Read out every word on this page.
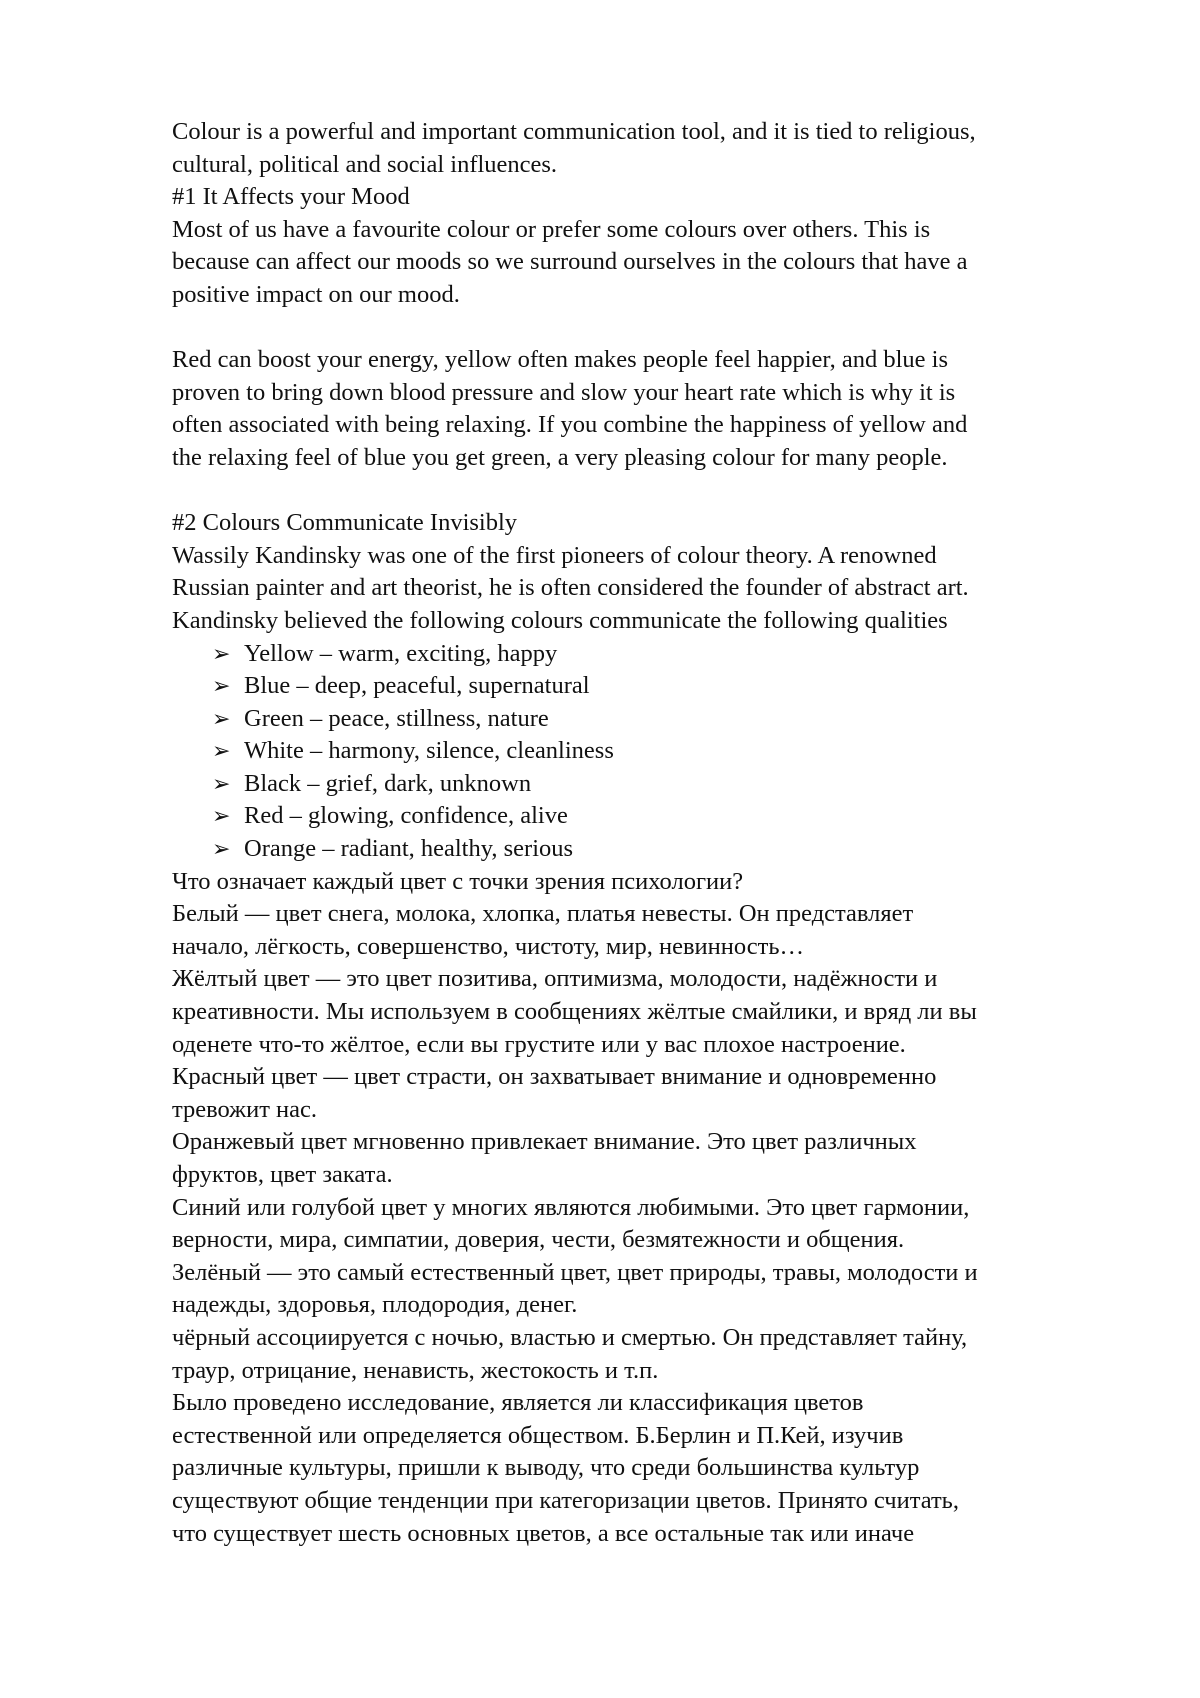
Colour is a powerful and important communication tool, and it is tied to religious,

cultural, political and social influences.

#1 It Affects your Mood

Most of us have a favourite colour or prefer some colours over others. This is

because can affect our moods so we surround ourselves in the colours that have a

positive impact on our mood.

Red can boost your energy, yellow often makes people feel happier, and blue is

proven to bring down blood pressure and slow your heart rate which is why it is

often associated with being relaxing. If you combine the happiness of yellow and

the relaxing feel of blue you get green, a very pleasing colour for many people.

#2 Colours Communicate Invisibly

Wassily Kandinsky was one of the first pioneers of colour theory. A renowned

Russian painter and art theorist, he is often considered the founder of abstract art.

Kandinsky believed the following colours communicate the following qualities

➢ Yellow – warm, exciting, happy
➢ Blue – deep, peaceful, supernatural
➢ Green – peace, stillness, nature
➢ White – harmony, silence, cleanliness
➢ Black – grief, dark, unknown
➢ Red – glowing, confidence, alive
➢ Orange – radiant, healthy, serious

Что означает каждый цвет с точки зрения психологии?

Белый — цвет снега, молока, хлопка, платья невесты. Он представляет

начало, лёгкость, совершенство, чистоту, мир, невинность…

Жёлтый цвет — это цвет позитива, оптимизма, молодости, надёжности и

креативности. Мы используем в сообщениях жёлтые смайлики, и вряд ли вы

оденете что-то жёлтое, если вы грустите или у вас плохое настроение.

Красный цвет — цвет страсти, он захватывает внимание и одновременно

тревожит нас.

Оранжевый цвет мгновенно привлекает внимание. Это цвет различных

фруктов, цвет заката.

Синий или голубой цвет у многих являются любимыми. Это цвет гармонии,

верности, мира, симпатии, доверия, чести, безмятежности и общения.

Зелёный — это самый естественный цвет, цвет природы, травы, молодости и

надежды, здоровья, плодородия, денег.

чёрный ассоциируется с ночью, властью и смертью. Он представляет тайну,

траур, отрицание, ненависть, жестокость и т.п.

Было проведено исследование, является ли классификация цветов

естественной или определяется обществом. Б.Берлин и П.Кей, изучив

различные культуры, пришли к выводу, что среди большинства культур

существуют общие тенденции при категоризации цветов. Принято считать,

что существует шесть основных цветов, а все остальные так или иначе
